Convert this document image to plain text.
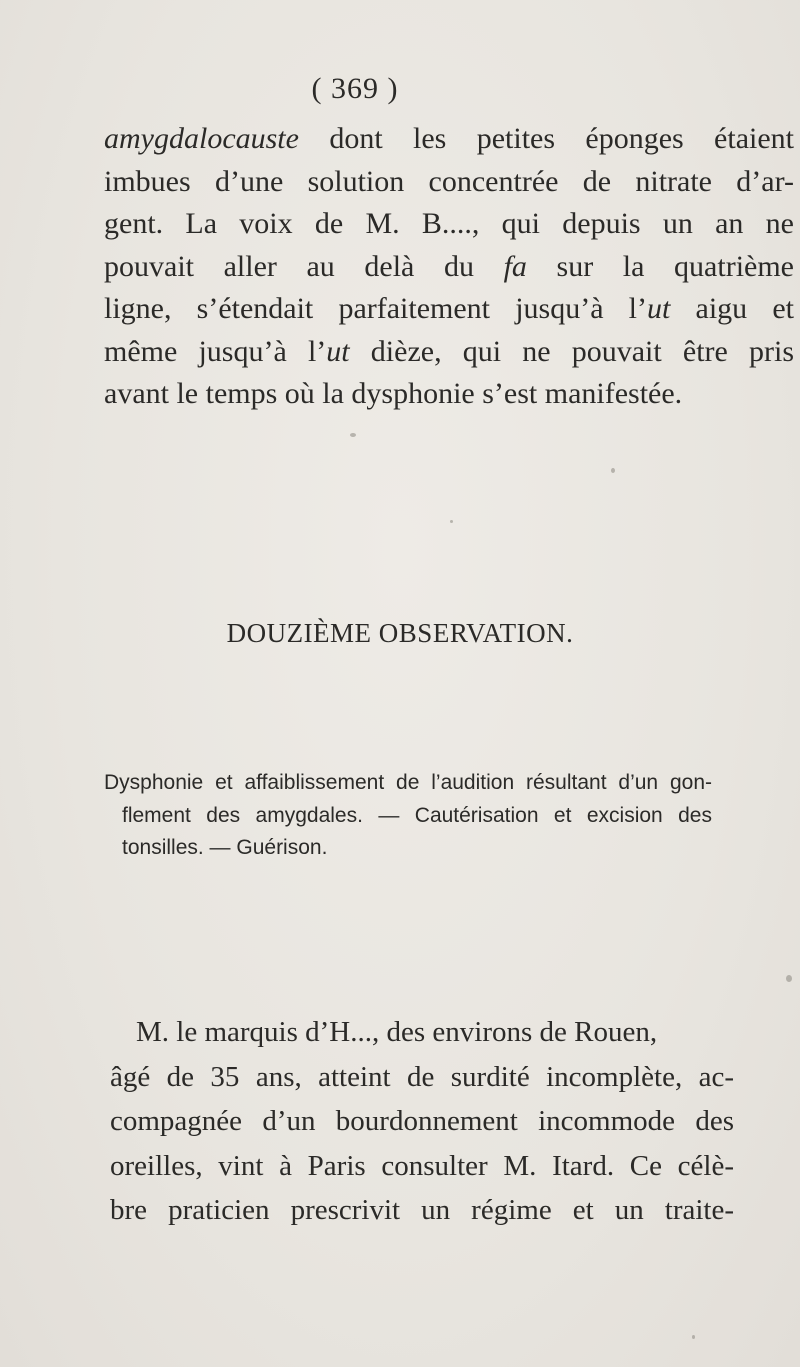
( 369 )
amygdalocauste dont les petites éponges étaient
imbues d’une solution concentrée de nitrate d’ar-
gent. La voix de M. B...., qui depuis un an ne
pouvait aller au delà du fa sur la quatrième
ligne, s’étendait parfaitement jusqu’à l’ut aigu et
même jusqu’à l’ut dièze, qui ne pouvait être pris
avant le temps où la dysphonie s’est manifestée.
DOUZIÈME OBSERVATION.
Dysphonie et affaiblissement de l’audition résultant d’un gon-
flement des amygdales. — Cautérisation et excision des
tonsilles. — Guérison.
M. le marquis d’H..., des environs de Rouen,
âgé de 35 ans, atteint de surdité incomplète, ac-
compagnée d’un bourdonnement incommode des
oreilles, vint à Paris consulter M. Itard. Ce célè-
bre praticien prescrivit un régime et un traite-
